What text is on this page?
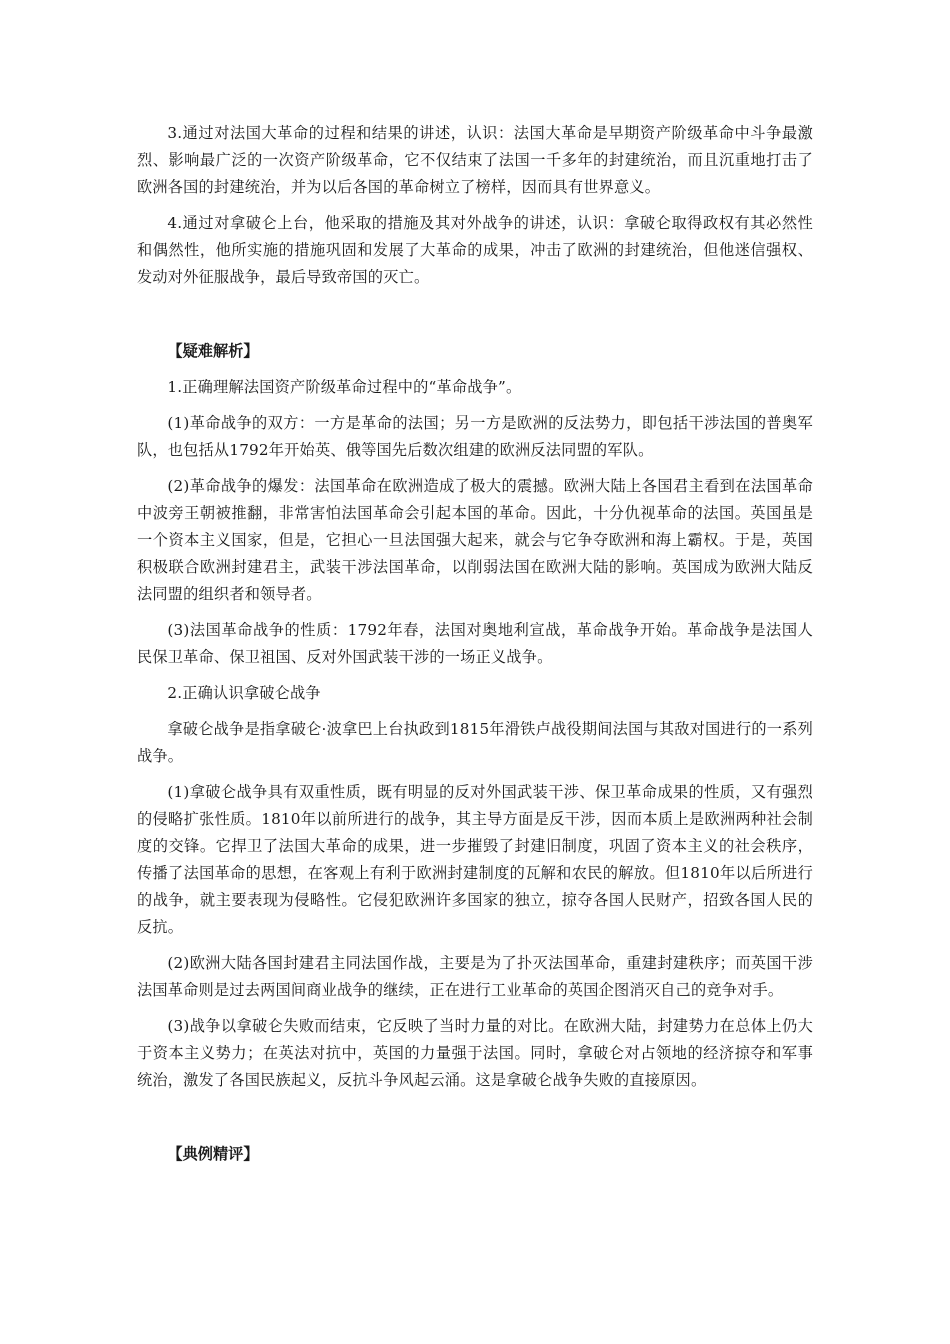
3.通过对法国大革命的过程和结果的讲述，认识：法国大革命是早期资产阶级革命中斗争最激烈、影响最广泛的一次资产阶级革命，它不仅结束了法国一千多年的封建统治，而且沉重地打击了欧洲各国的封建统治，并为以后各国的革命树立了榜样，因而具有世界意义。

4.通过对拿破仑上台，他采取的措施及其对外战争的讲述，认识：拿破仑取得政权有其必然性和偶然性，他所实施的措施巩固和发展了大革命的成果，冲击了欧洲的封建统治，但他迷信强权、发动对外征服战争，最后导致帝国的灭亡。

【疑难解析】

1.正确理解法国资产阶级革命过程中的“革命战争”。

(1)革命战争的双方：一方是革命的法国；另一方是欧洲的反法势力，即包括干涉法国的普奥军队，也包括从1792年开始英、俄等国先后数次组建的欧洲反法同盟的军队。

(2)革命战争的爆发：法国革命在欧洲造成了极大的震撼。欧洲大陆上各国君主看到在法国革命中波旁王朝被推翻，非常害怕法国革命会引起本国的革命。因此，十分仇视革命的法国。英国虽是一个资本主义国家，但是，它担心一旦法国强大起来，就会与它争夺欧洲和海上霸权。于是，英国积极联合欧洲封建君主，武装干涉法国革命，以削弱法国在欧洲大陆的影响。英国成为欧洲大陆反法同盟的组织者和领导者。

(3)法国革命战争的性质：1792年春，法国对奥地利宣战，革命战争开始。革命战争是法国人民保卫革命、保卫祖国、反对外国武装干涉的一场正义战争。

2.正确认识拿破仑战争

拿破仑战争是指拿破仑·波拿巴上台执政到1815年滑铁卢战役期间法国与其敌对国进行的一系列战争。

(1)拿破仑战争具有双重性质，既有明显的反对外国武装干涉、保卫革命成果的性质，又有强烈的侵略扩张性质。1810年以前所进行的战争，其主导方面是反干涉，因而本质上是欧洲两种社会制度的交锋。它捍卫了法国大革命的成果，进一步摧毁了封建旧制度，巩固了资本主义的社会秩序，传播了法国革命的思想，在客观上有利于欧洲封建制度的瓦解和农民的解放。但1810年以后所进行的战争，就主要表现为侵略性。它侵犯欧洲许多国家的独立，掠夺各国人民财产，招致各国人民的反抗。

(2)欧洲大陆各国封建君主同法国作战，主要是为了扑灭法国革命，重建封建秩序；而英国干涉法国革命则是过去两国间商业战争的继续，正在进行工业革命的英国企图消灭自己的竞争对手。

(3)战争以拿破仑失败而结束，它反映了当时力量的对比。在欧洲大陆，封建势力在总体上仍大于资本主义势力；在英法对抗中，英国的力量强于法国。同时，拿破仑对占领地的经济掠夺和军事统治，激发了各国民族起义，反抗斗争风起云涌。这是拿破仑战争失败的直接原因。

【典例精评】
